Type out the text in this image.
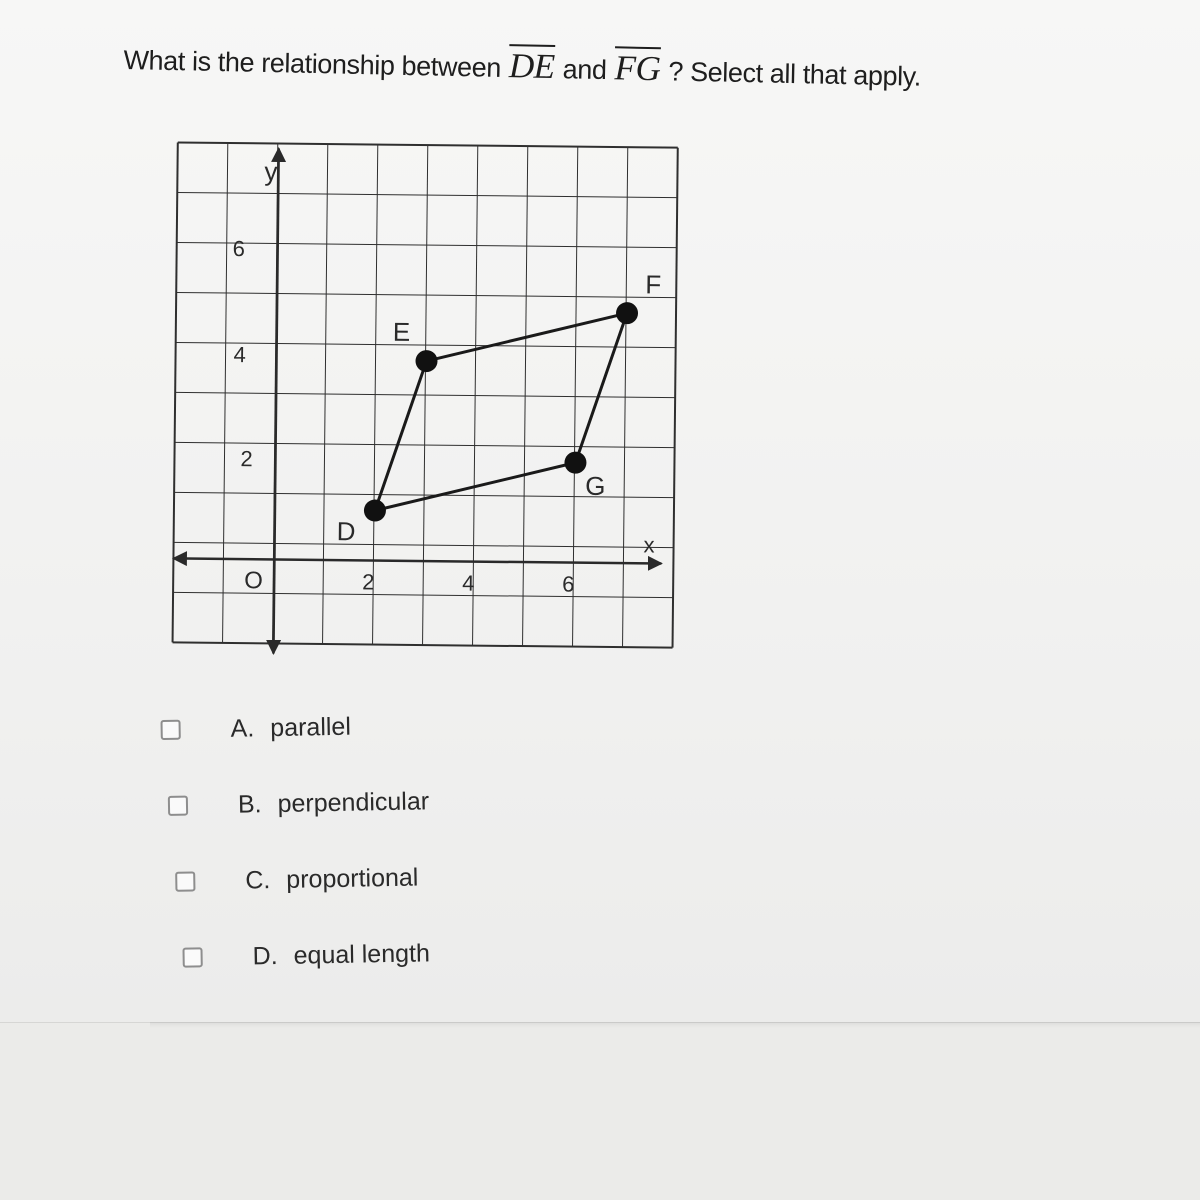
What is the relationship between $\overline{DE}$ and $\overline{FG}$ ? Select all that apply.
y
x
O	2	4	6
6
4
2
D
E
F
G
A. parallel
B. perpendicular
C. proportional
D. equal length
